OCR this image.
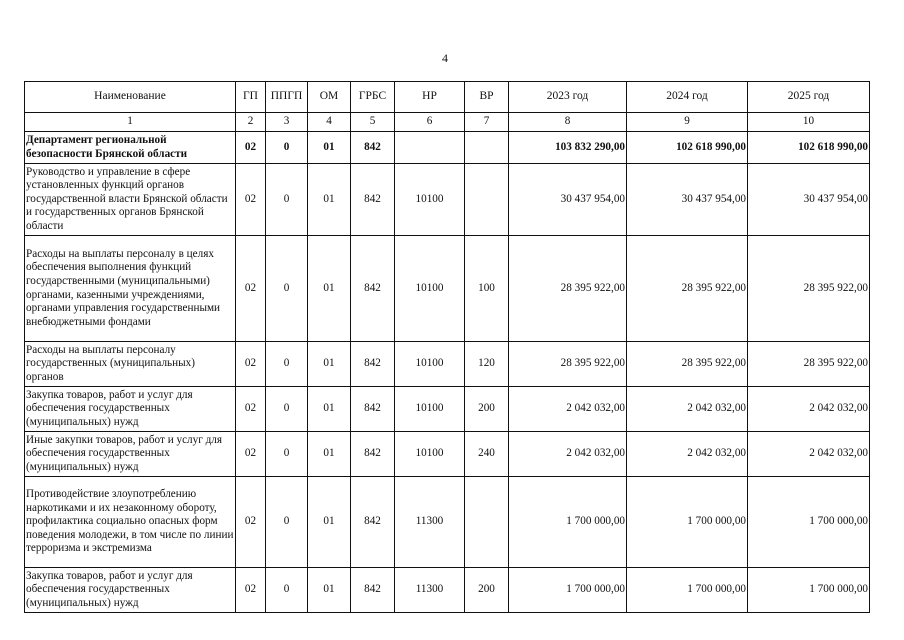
4
Наименование	ГП	ППГП	ОМ	ГРБС	НР	ВР	2023 год	2024 год	2025 год
1	2	3	4	5	6	7	8	9	10
Департамент региональной безопасности Брянской области	02	0	01	842			103 832 290,00	102 618 990,00	102 618 990,00
Руководство и управление в сфере установленных функций органов государственной власти Брянской области и государственных органов Брянской области	02	0	01	842	10100		30 437 954,00	30 437 954,00	30 437 954,00
Расходы на выплаты персоналу в целях обеспечения выполнения функций государственными (муниципальными) органами, казенными учреждениями, органами управления государственными внебюджетными фондами	02	0	01	842	10100	100	28 395 922,00	28 395 922,00	28 395 922,00
Расходы на выплаты персоналу государственных (муниципальных) органов	02	0	01	842	10100	120	28 395 922,00	28 395 922,00	28 395 922,00
Закупка товаров, работ и услуг для обеспечения государственных (муниципальных) нужд	02	0	01	842	10100	200	2 042 032,00	2 042 032,00	2 042 032,00
Иные закупки товаров, работ и услуг для обеспечения государственных (муниципальных) нужд	02	0	01	842	10100	240	2 042 032,00	2 042 032,00	2 042 032,00
Противодействие злоупотреблению наркотиками и их незаконному обороту, профилактика социально опасных форм поведения молодежи, в том числе по линии терроризма и экстремизма	02	0	01	842	11300		1 700 000,00	1 700 000,00	1 700 000,00
Закупка товаров, работ и услуг для обеспечения государственных (муниципальных) нужд	02	0	01	842	11300	200	1 700 000,00	1 700 000,00	1 700 000,00
